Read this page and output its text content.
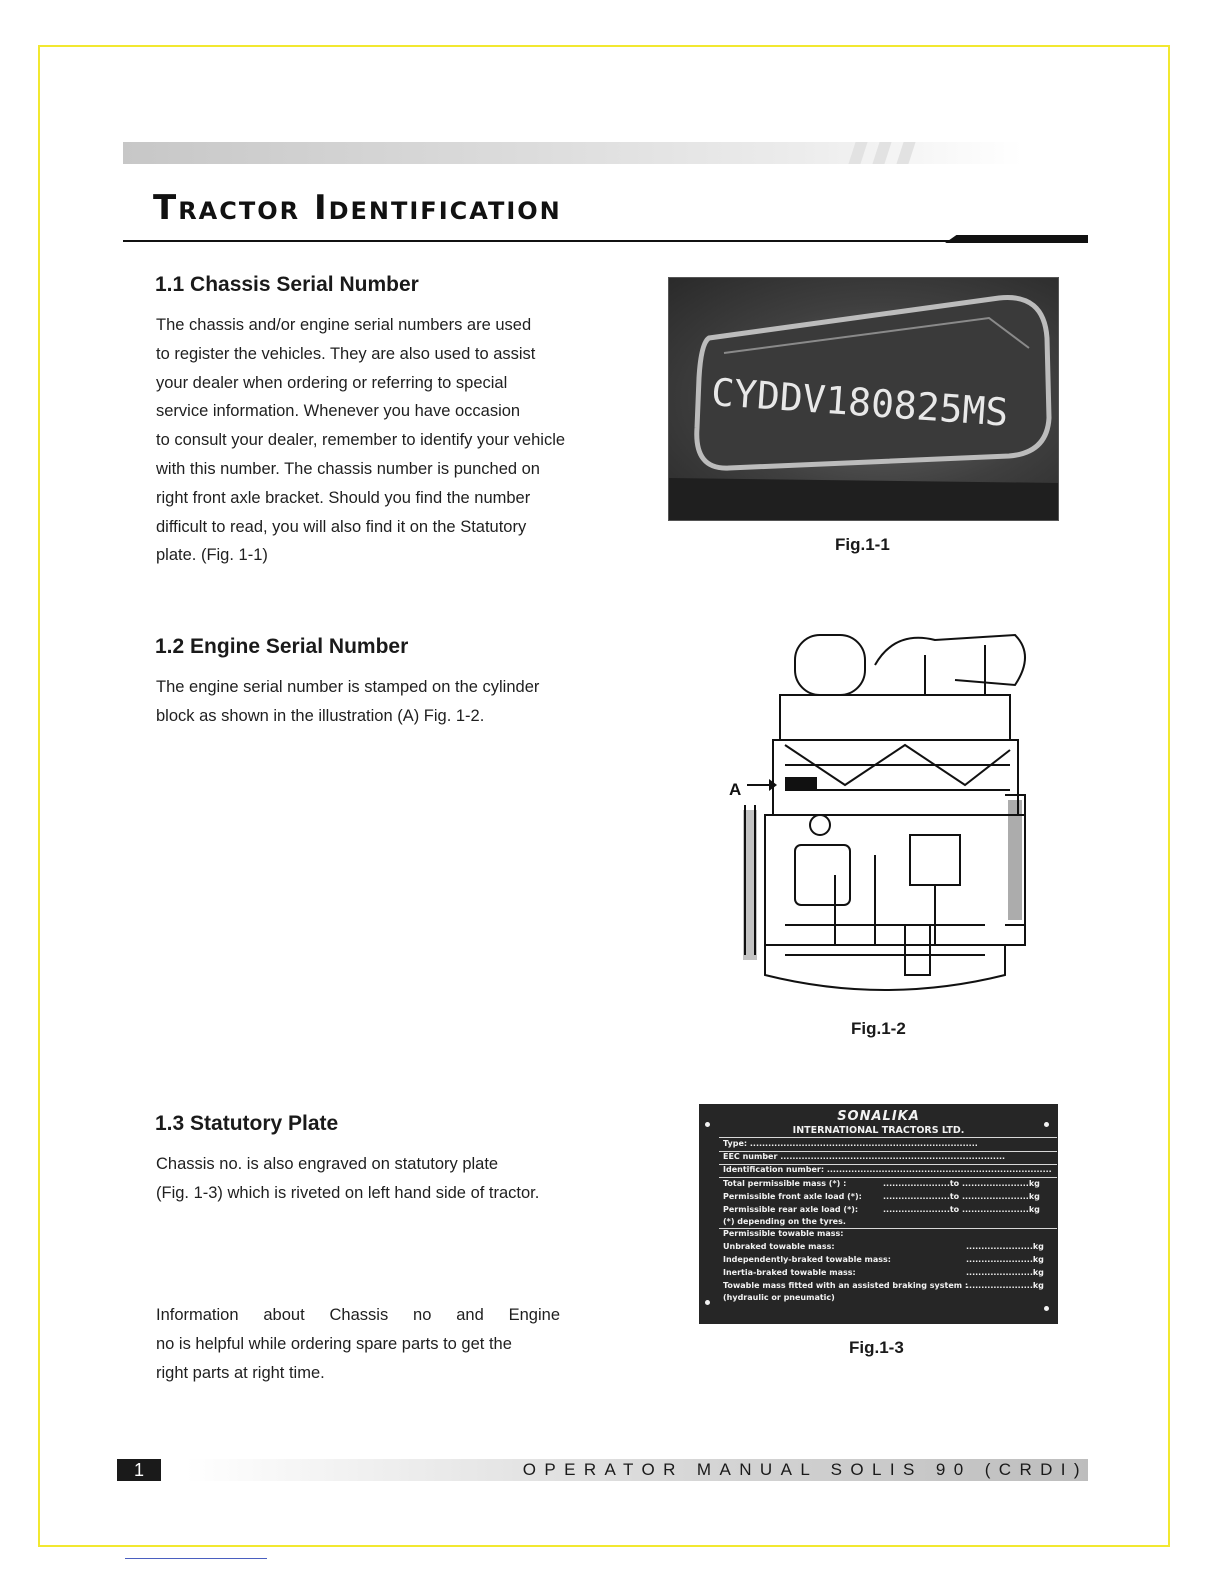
Tractor Identification
1.1 Chassis Serial Number
The chassis and/or engine serial numbers are used
to register the vehicles. They are also used to assist
your dealer when ordering or referring to special
service information. Whenever you have occasion
to consult your dealer, remember to identify your vehicle
with this number. The chassis number is punched on
right front axle bracket. Should you find the number
difficult to read, you will also find it on the Statutory
plate. (Fig. 1-1)
CYDDV180825MS

Fig.1-1

1.2 Engine Serial Number
The engine serial number is stamped on the cylinder
block as shown in the illustration (A) Fig. 1-2.
A

Fig.1-2

1.3 Statutory Plate
Chassis no. is also engraved on statutory plate
(Fig. 1-3) which is riveted on left hand side of tractor.
Information about Chassis no and Engine
no is helpful while ordering spare parts to get the
right parts at right time.
SONALIKA
INTERNATIONAL TRACTORS LTD.
Type: ...........................................................................
EEC number ..........................................................................
Identification number: ..........................................................................
Total permissible mass (*) :	......................to ......................kg
Permissible front axle load (*):	......................to ......................kg
Permissible rear axle load (*):	......................to ......................kg
(*) depending on the tyres.
Permissible towable mass:
Unbraked towable mass:	......................kg
Independently-braked towable mass:	......................kg
Inertia-braked towable mass:	......................kg
Towable mass fitted with an assisted braking system :
......................kg
(hydraulic or pneumatic)

Fig.1-3

1	OPERATOR MANUAL SOLIS 90 (CRDI)
